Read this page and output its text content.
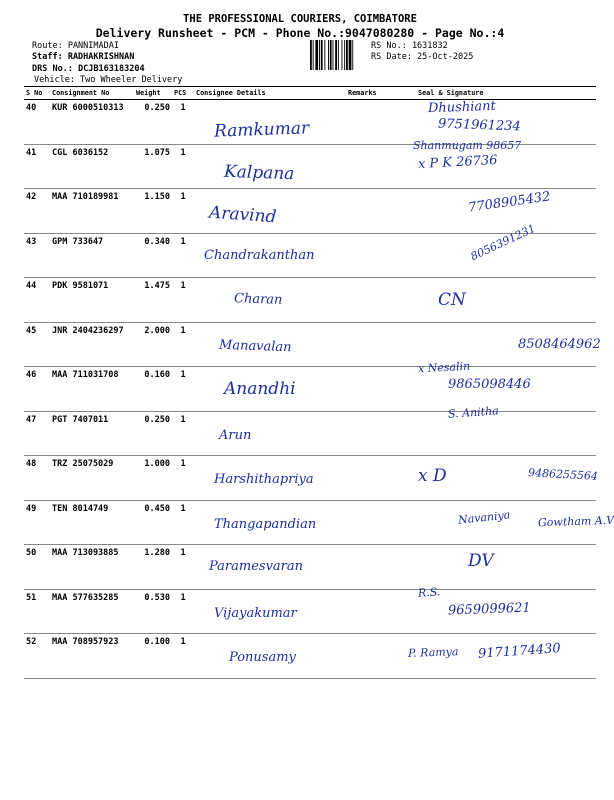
THE PROFESSIONAL COURIERS, COIMBATORE
Delivery Runsheet - PCM - Phone No.:9047080280 - Page No.:4
Route: PANNIMADAI
Staff: RADHAKRISHNAN
DRS No.: DCJB163183204
Vehicle: Two Wheeler Delivery
RS No.: 1631832
RS Date: 25-Oct-2025
S No	Consignment No	Weight	PCS	Consignee Details	Remarks	Seal & Signature
40	KUR 6000510313	0.250	1	Ramkumar		Dhushiant
9751961234

41	CGL 6036152	1.075	1	Kalpana		Shanmugam 98657
x P K 26736

42	MAA 710189981	1.150	1	Aravind		7708905432

43	GPM 733647	0.340	1	Chandrakanthan		8056391231

44	PDK 9581071	1.475	1	Charan		CN

45	JNR 2404236297	2.000	1	Manavalan		8508464962

46	MAA 711031708	0.160	1	Anandhi		x Nesalin
9865098446

47	PGT 7407011	0.250	1	Arun		S. Anitha

48	TRZ 25075029	1.000	1	Harshithapriya		x D 9486255564

49	TEN 8014749	0.450	1	Thangapandian		Navaniya Gowtham A.V

50	MAA 713093885	1.280	1	Paramesvaran		DV

51	MAA 577635285	0.530	1	Vijayakumar		R.S.
9659099621

52	MAA 708957923	0.100	1	Ponusamy		P. Ramya 9171174430
